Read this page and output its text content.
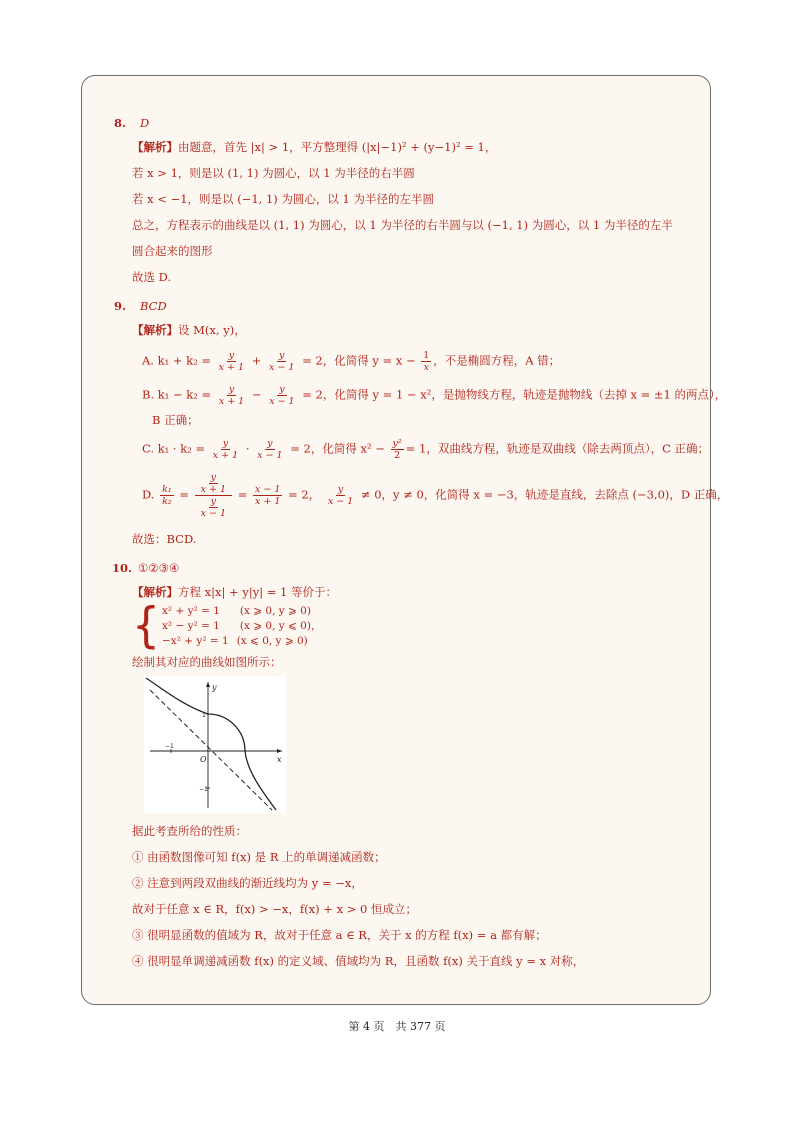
8. D
【解析】由题意，首先 |x| > 1，平方整理得 (|x|−1)² + (y−1)² = 1，
若 x > 1，则是以 (1, 1) 为圆心，以 1 为半径的右半圆
若 x < −1，则是以 (−1, 1) 为圆心，以 1 为半径的左半圆
总之，方程表示的曲线是以 (1, 1) 为圆心，以 1 为半径的右半圆与以 (−1, 1) 为圆心，以 1 为半径的左半
圆合起来的图形
故选 D.
9. BCD
【解析】设 M(x, y)，
A. $k_1 + k_2 = \frac{y}{x + 1} + \frac{y}{x - 1} = 2$，化简得 $y = x - \frac{1}{x}$ ，不是椭圆方程，A 错；
B. $k_1 - k_2 = \frac{y}{x + 1} - \frac{y}{x - 1} = 2$，化简得 y = 1 − x²，是抛物线方程，轨迹是抛物线（去掉 x = ±1 的两点），
B 正确；
C. $k_1 \cdot k_2 = \frac{y}{x + 1} \cdot \frac{y}{x - 1} = 2$，化简得 $x^2 - \frac{\text{y²}}{2} = 1$，双曲线方程，轨迹是双曲线（除去两顶点），C 正确；
D. $\frac{\text{k₁}}{\text{k₂}} = \frac{\frac{y}{x + 1}}{\frac{y}{x - 1}} = \frac{x - 1}{x + 1} = 2$， $\frac{y}{x - 1} \ne 0$，y ≠ 0，化简得 x = −3，轨迹是直线，去除点 (−3,0)，D 正确，
故选：BCD.
10. ①②③④
【解析】方程 x|x| + y|y| = 1 等价于：
{ x² + y² = 1 (x ⩾ 0, y ⩾ 0)
x² − y² = 1 (x ⩾ 0, y ⩽ 0)，
−x² + y² = 1 (x ⩽ 0, y ⩾ 0)
绘制其对应的曲线如图所示：
y
x
O
−1
1
−1
据此考查所给的性质：
① 由函数图像可知 f(x) 是 R 上的单调递减函数；
② 注意到两段双曲线的渐近线均为 y = −x，
故对于任意 x ∈ R，f(x) > −x，f(x) + x > 0 恒成立；
③ 很明显函数的值域为 R，故对于任意 a ∈ R，关于 x 的方程 f(x) = a 都有解；
④ 很明显单调递减函数 f(x) 的定义域、值域均为 R，且函数 f(x) 关于直线 y = x 对称，
第 4 页　共 377 页
